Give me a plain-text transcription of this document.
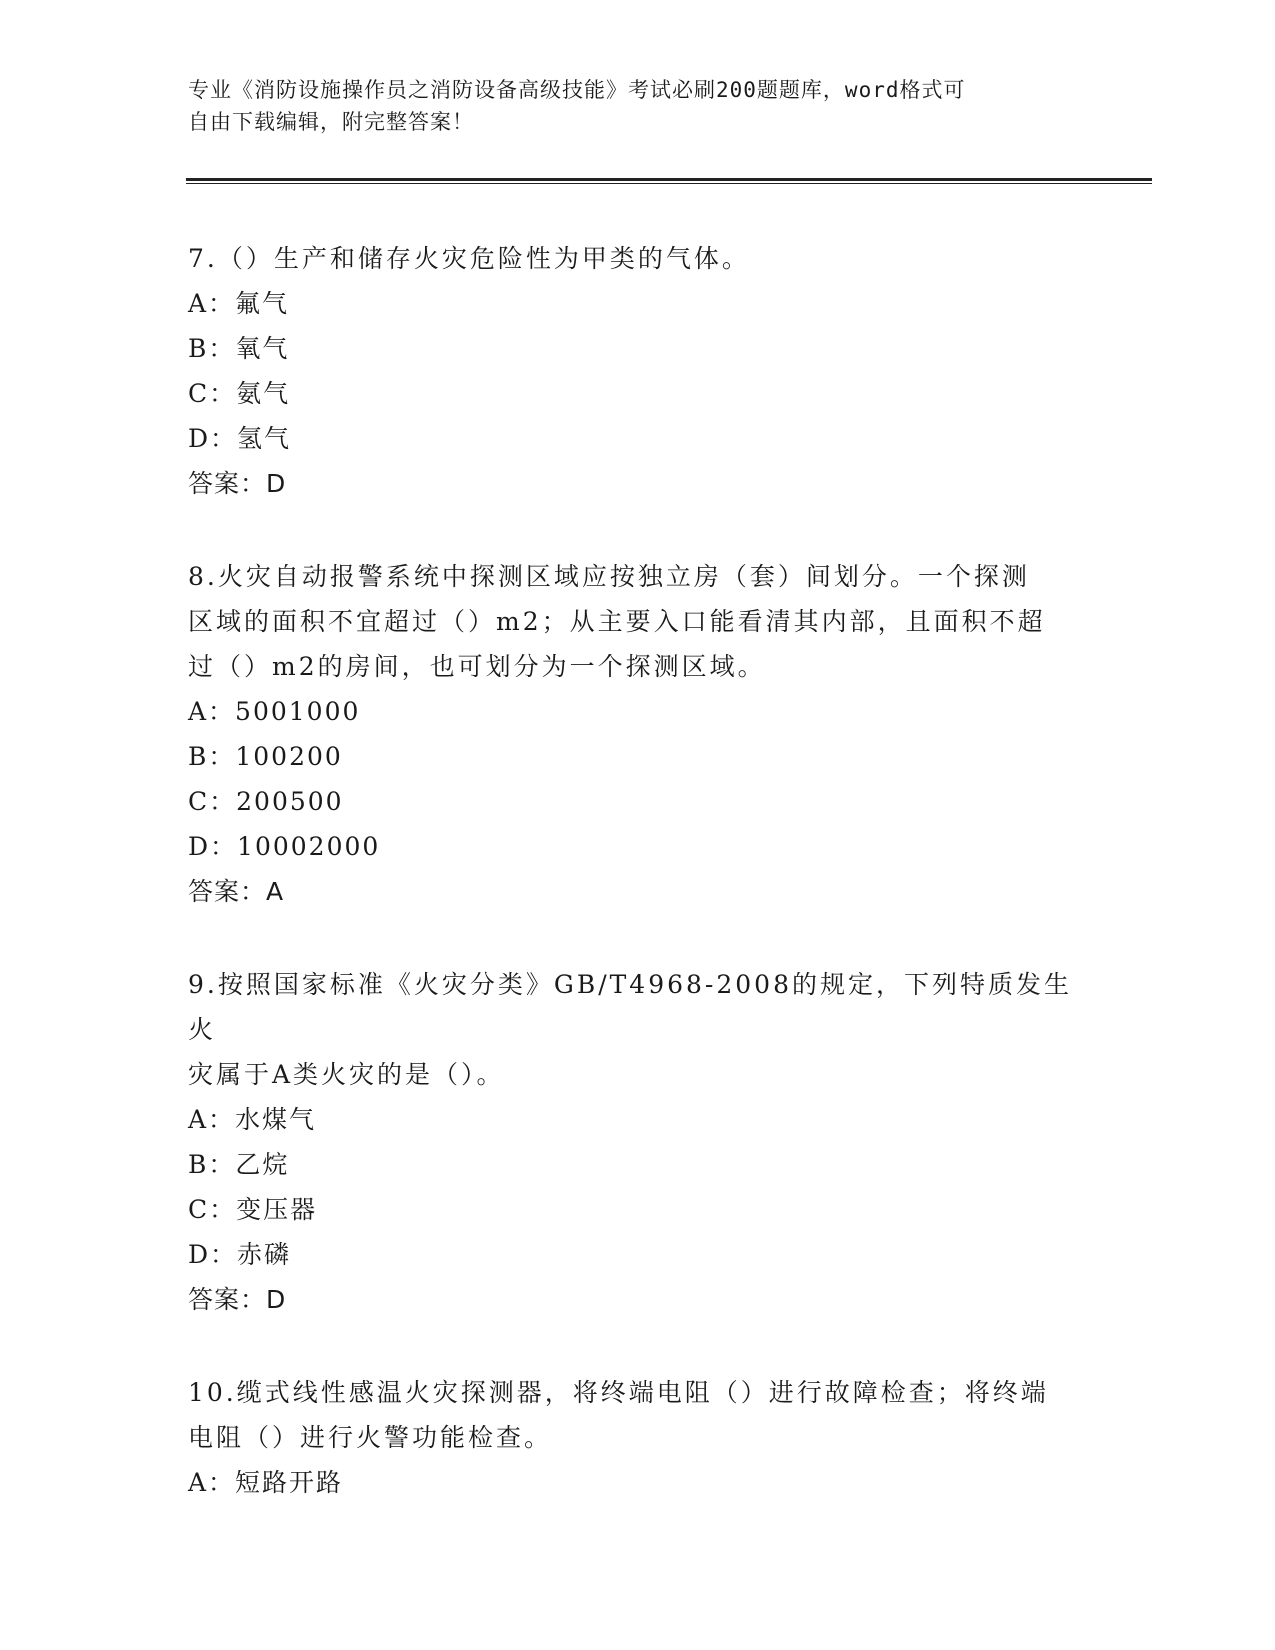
专业《消防设施操作员之消防设备高级技能》考试必刷200题题库，word格式可
自由下载编辑，附完整答案！
7.（）生产和储存火灾危险性为甲类的气体。
A：氟气
B：氧气
C：氨气
D：氢气
答案：D
8.火灾自动报警系统中探测区域应按独立房（套）间划分。一个探测
区域的面积不宜超过（）m2；从主要入口能看清其内部，且面积不超
过（）m2的房间，也可划分为一个探测区域。
A：5001000
B：100200
C：200500
D：10002000
答案：A
9.按照国家标准《火灾分类》GB/T4968-2008的规定，下列特质发生火
灾属于A类火灾的是（）。
A：水煤气
B：乙烷
C：变压器
D：赤磷
答案：D
10.缆式线性感温火灾探测器，将终端电阻（）进行故障检查；将终端
电阻（）进行火警功能检查。
A：短路开路
